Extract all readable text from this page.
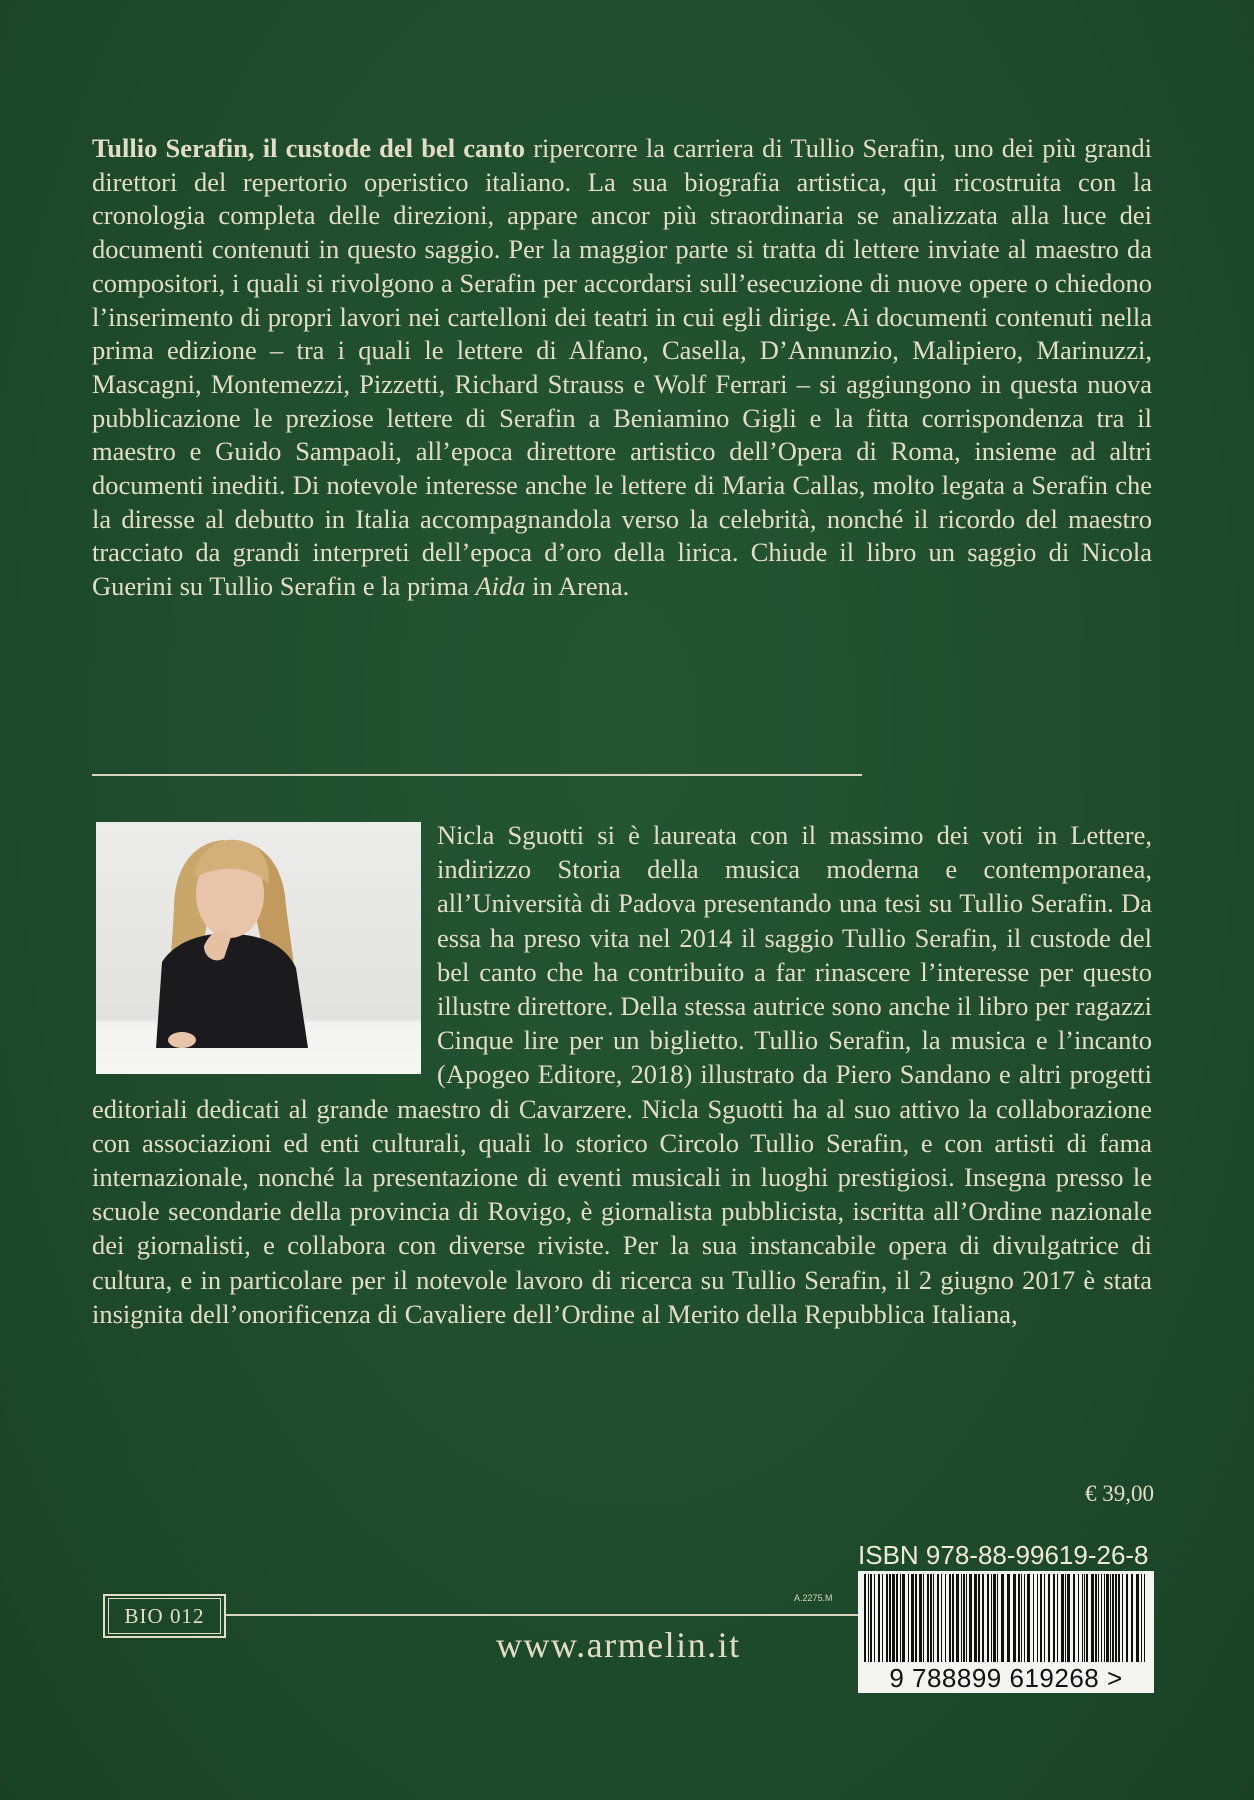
Tullio Serafin, il custode del bel canto ripercorre la carriera di Tullio Serafin, uno dei più grandi direttori del repertorio operistico italiano. La sua biografia artistica, qui ricostruita con la cronologia completa delle direzioni, appare ancor più straordinaria se analizzata alla luce dei documenti contenuti in questo saggio. Per la maggior parte si tratta di lettere inviate al maestro da compositori, i quali si rivolgono a Serafin per accordarsi sull’esecuzione di nuove opere o chiedono l’inserimento di propri lavori nei cartelloni dei teatri in cui egli dirige. Ai documenti contenuti nella prima edizione – tra i quali le lettere di Alfano, Casella, D’Annunzio, Malipiero, Marinuzzi, Mascagni, Montemezzi, Pizzetti, Richard Strauss e Wolf Ferrari – si aggiungono in questa nuova pubblicazione le preziose lettere di Serafin a Beniamino Gigli e la fitta corrispondenza tra il maestro e Guido Sampaoli, all’epoca direttore artistico dell’Opera di Roma, insieme ad altri documenti inediti. Di notevole interesse anche le lettere di Maria Callas, molto legata a Serafin che la diresse al debutto in Italia accompagnandola verso la celebrità, nonché il ricordo del maestro tracciato da grandi interpreti dell’epoca d’oro della lirica. Chiude il libro un saggio di Nicola Guerini su Tullio Serafin e la prima Aida in Arena.

Nicla Sguotti si è laureata con il massimo dei voti in Lettere, indirizzo Storia della musica moderna e contemporanea, all’Università di Padova presentando una tesi su Tullio Serafin. Da essa ha preso vita nel 2014 il saggio Tullio Serafin, il custode del bel canto che ha contribuito a far rinascere l’interesse per questo illustre direttore. Della stessa autrice sono anche il libro per ragazzi Cinque lire per un biglietto. Tullio Serafin, la musica e l’incanto (Apogeo Editore, 2018) illustrato da Piero Sandano e altri progetti editoriali dedicati al grande maestro di Cavarzere. Nicla Sguotti ha al suo attivo la collaborazione con associazioni ed enti culturali, quali lo storico Circolo Tullio Serafin, e con artisti di fama internazionale, nonché la presentazione di eventi musicali in luoghi prestigiosi. Insegna presso le scuole secondarie della provincia di Rovigo, è giornalista pubblicista, iscritta all’Ordine nazionale dei giornalisti, e collabora con diverse riviste. Per la sua instancabile opera di divulgatrice di cultura, e in particolare per il notevole lavoro di ricerca su Tullio Serafin, il 2 giugno 2017 è stata insignita dell’onorificenza di Cavaliere dell’Ordine al Merito della Repubblica Italiana,

€ 39,00
ISBN 978-88-99619-26-8
9 788899 619268 >
A.2275.M
BIO 012
www.armelin.it
